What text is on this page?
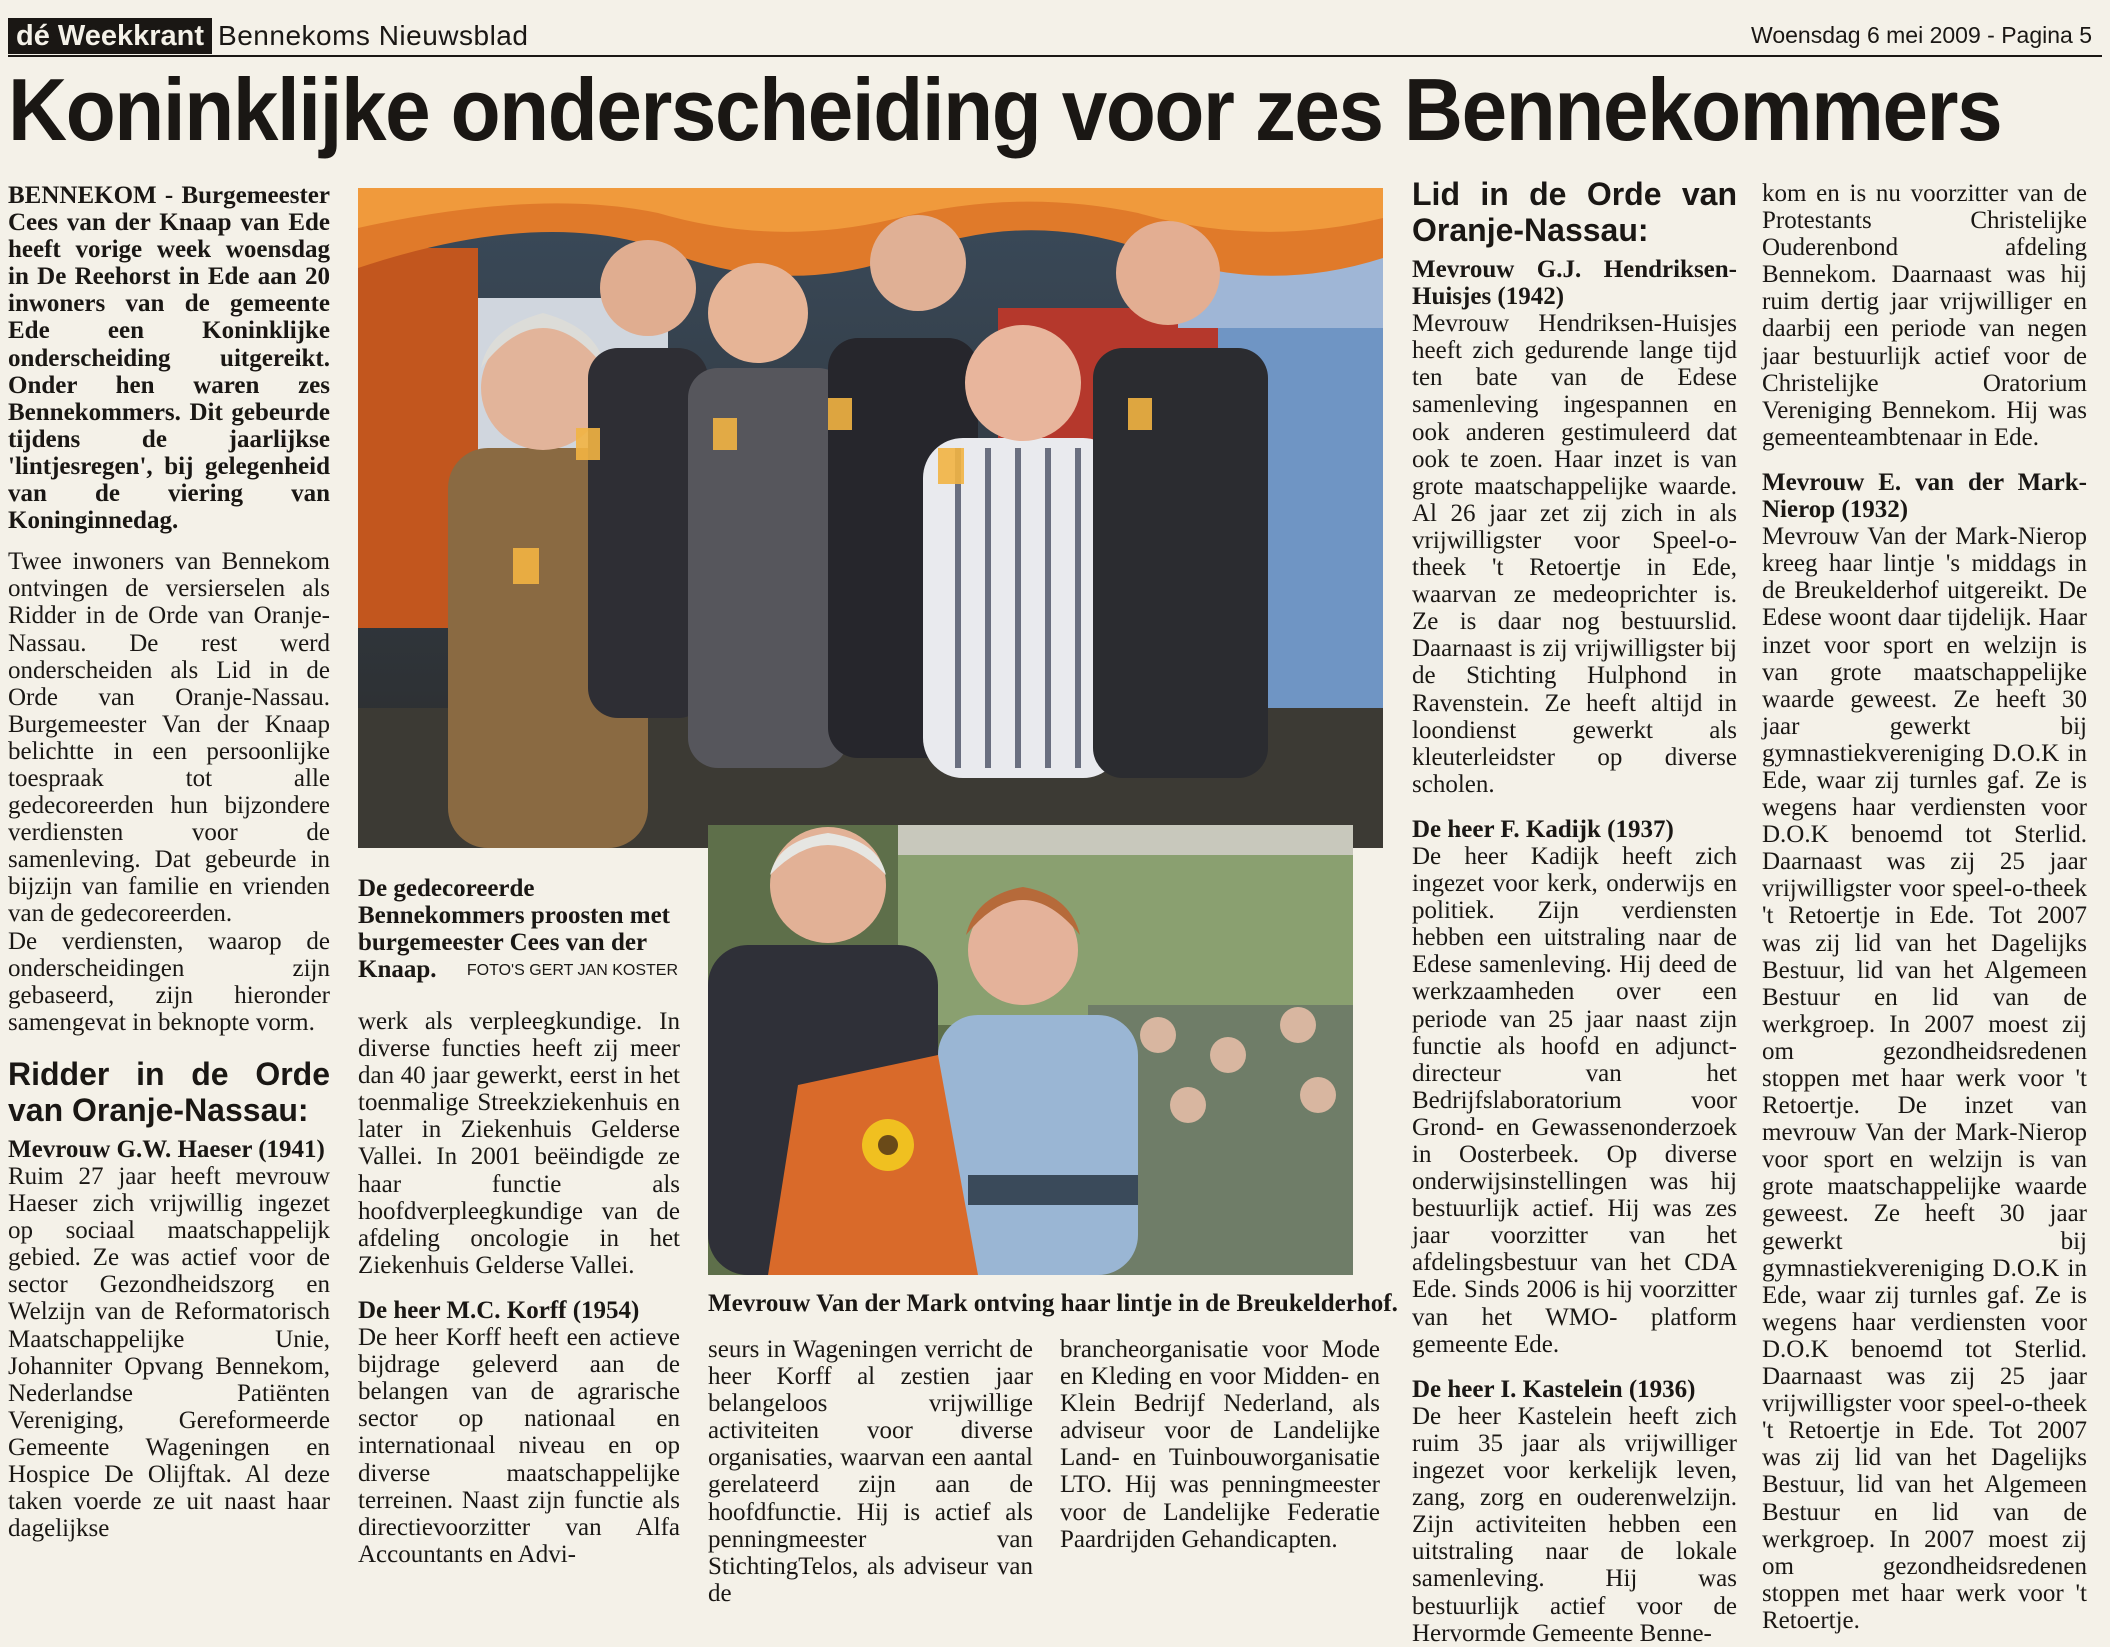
dé Weekkrant Bennekoms Nieuwsblad	Woensdag 6 mei 2009 - Pagina 5
Koninklijke onderscheiding voor zes Bennekommers

BENNEKOM - Burgemeester Cees van der Knaap van Ede heeft vorige week woensdag in De Reehorst in Ede aan 20 inwoners van de gemeente Ede een Koninklijke onderscheiding uitgereikt. Onder hen waren zes Bennekommers. Dit gebeurde tijdens de jaarlijkse 'lintjesregen', bij gelegenheid van de viering van Koninginnedag.

Twee inwoners van Bennekom ontvingen de versierselen als Ridder in de Orde van Oranje-Nassau. De rest werd onderscheiden als Lid in de Orde van Oranje-Nassau. Burgemeester Van der Knaap belichtte in een persoonlijke toespraak tot alle gedecoreerden hun bijzondere verdiensten voor de samenleving. Dat gebeurde in bijzijn van familie en vrienden van de gedecoreerden.

De verdiensten, waarop de onderscheidingen zijn gebaseerd, zijn hieronder samengevat in beknopte vorm.

Ridder in de Orde van Oranje-Nassau:

Mevrouw G.W. Haeser (1941)

Ruim 27 jaar heeft mevrouw Haeser zich vrijwillig ingezet op sociaal maatschappelijk gebied. Ze was actief voor de sector Gezondheidszorg en Welzijn van de Reformatorisch Maatschappelijke Unie, Johanniter Opvang Bennekom, Nederlandse Patiënten Vereniging, Gereformeerde Gemeente Wageningen en Hospice De Olijftak. Al deze taken voerde ze uit naast haar dagelijkse

De gedecoreerde Bennekommers proosten met burgemeester Cees van der Knaap.	FOTO'S GERT JAN KOSTER
Mevrouw Van der Mark ontving haar lintje in de Breukelderhof.

werk als verpleegkundige. In diverse functies heeft zij meer dan 40 jaar gewerkt, eerst in het toenmalige Streekziekenhuis en later in Ziekenhuis Gelderse Vallei. In 2001 beëindigde ze haar functie als hoofdverpleegkundige van de afdeling oncologie in het Ziekenhuis Gelderse Vallei.

De heer M.C. Korff (1954)

De heer Korff heeft een actieve bijdrage geleverd aan de belangen van de agrarische sector op nationaal en internationaal niveau en op diverse maatschappelijke terreinen. Naast zijn functie als directievoorzitter van Alfa Accountants en Advi-

seurs in Wageningen verricht de heer Korff al zestien jaar belangeloos vrijwillige activiteiten voor diverse organisaties, waarvan een aantal gerelateerd zijn aan de hoofdfunctie. Hij is actief als penningmeester van StichtingTelos, als adviseur van de

brancheorganisatie voor Mode en Kleding en voor Midden- en Klein Bedrijf Nederland, als adviseur voor de Landelijke Land- en Tuinbouworganisatie LTO. Hij was penningmeester voor de Landelijke Federatie Paardrijden Gehandicapten.

Lid in de Orde van Oranje-Nassau:

Mevrouw G.J. Hendriksen-Huisjes (1942)

Mevrouw Hendriksen-Huisjes heeft zich gedurende lange tijd ten bate van de Edese samenleving ingespannen en ook anderen gestimuleerd dat ook te zoen. Haar inzet is van grote maatschappelijke waarde. Al 26 jaar zet zij zich in als vrijwilligster voor Speel-o-theek 't Retoertje in Ede, waarvan ze medeoprichter is. Ze is daar nog bestuurslid. Daarnaast is zij vrijwilligster bij de Stichting Hulphond in Ravenstein. Ze heeft altijd in loondienst gewerkt als kleuterleidster op diverse scholen.

De heer F. Kadijk (1937)

De heer Kadijk heeft zich ingezet voor kerk, onderwijs en politiek. Zijn verdiensten hebben een uitstraling naar de Edese samenleving. Hij deed de werkzaamheden over een periode van 25 jaar naast zijn functie als hoofd en adjunct-directeur van het Bedrijfslaboratorium voor Grond- en Gewassenonderzoek in Oosterbeek. Op diverse onderwijsinstellingen was hij bestuurlijk actief. Hij was zes jaar voorzitter van het afdelingsbestuur van het CDA Ede. Sinds 2006 is hij voorzitter van het WMO- platform gemeente Ede.

De heer I. Kastelein (1936)

De heer Kastelein heeft zich ruim 35 jaar als vrijwilliger ingezet voor kerkelijk leven, zang, zorg en ouderenwelzijn. Zijn activiteiten hebben een uitstraling naar de lokale samenleving. Hij was bestuurlijk actief voor de Hervormde Gemeente Benne-

kom en is nu voorzitter van de Protestants Christelijke Ouderenbond afdeling Bennekom. Daarnaast was hij ruim dertig jaar vrijwilliger en daarbij een periode van negen jaar bestuurlijk actief voor de Christelijke Oratorium Vereniging Bennekom. Hij was gemeenteambtenaar in Ede.

Mevrouw E. van der Mark-Nierop (1932)

Mevrouw Van der Mark-Nierop kreeg haar lintje 's middags in de Breukelderhof uitgereikt. De Edese woont daar tijdelijk. Haar inzet voor sport en welzijn is van grote maatschappelijke waarde geweest. Ze heeft 30 jaar gewerkt bij gymnastiekvereniging D.O.K in Ede, waar zij turnles gaf. Ze is wegens haar verdiensten voor D.O.K benoemd tot Sterlid. Daarnaast was zij 25 jaar vrijwilligster voor speel-o-theek 't Retoertje in Ede. Tot 2007 was zij lid van het Dagelijks Bestuur, lid van het Algemeen Bestuur en lid van de werkgroep. In 2007 moest zij om gezondheidsredenen stoppen met haar werk voor 't Retoertje. De inzet van mevrouw Van der Mark-Nierop voor sport en welzijn is van grote maatschappelijke waarde geweest. Ze heeft 30 jaar gewerkt bij gymnastiekvereniging D.O.K in Ede, waar zij turnles gaf. Ze is wegens haar verdiensten voor D.O.K benoemd tot Sterlid. Daarnaast was zij 25 jaar vrijwilligster voor speel-o-theek 't Retoertje in Ede. Tot 2007 was zij lid van het Dagelijks Bestuur, lid van het Algemeen Bestuur en lid van de werkgroep. In 2007 moest zij om gezondheidsredenen stoppen met haar werk voor 't Retoertje.
